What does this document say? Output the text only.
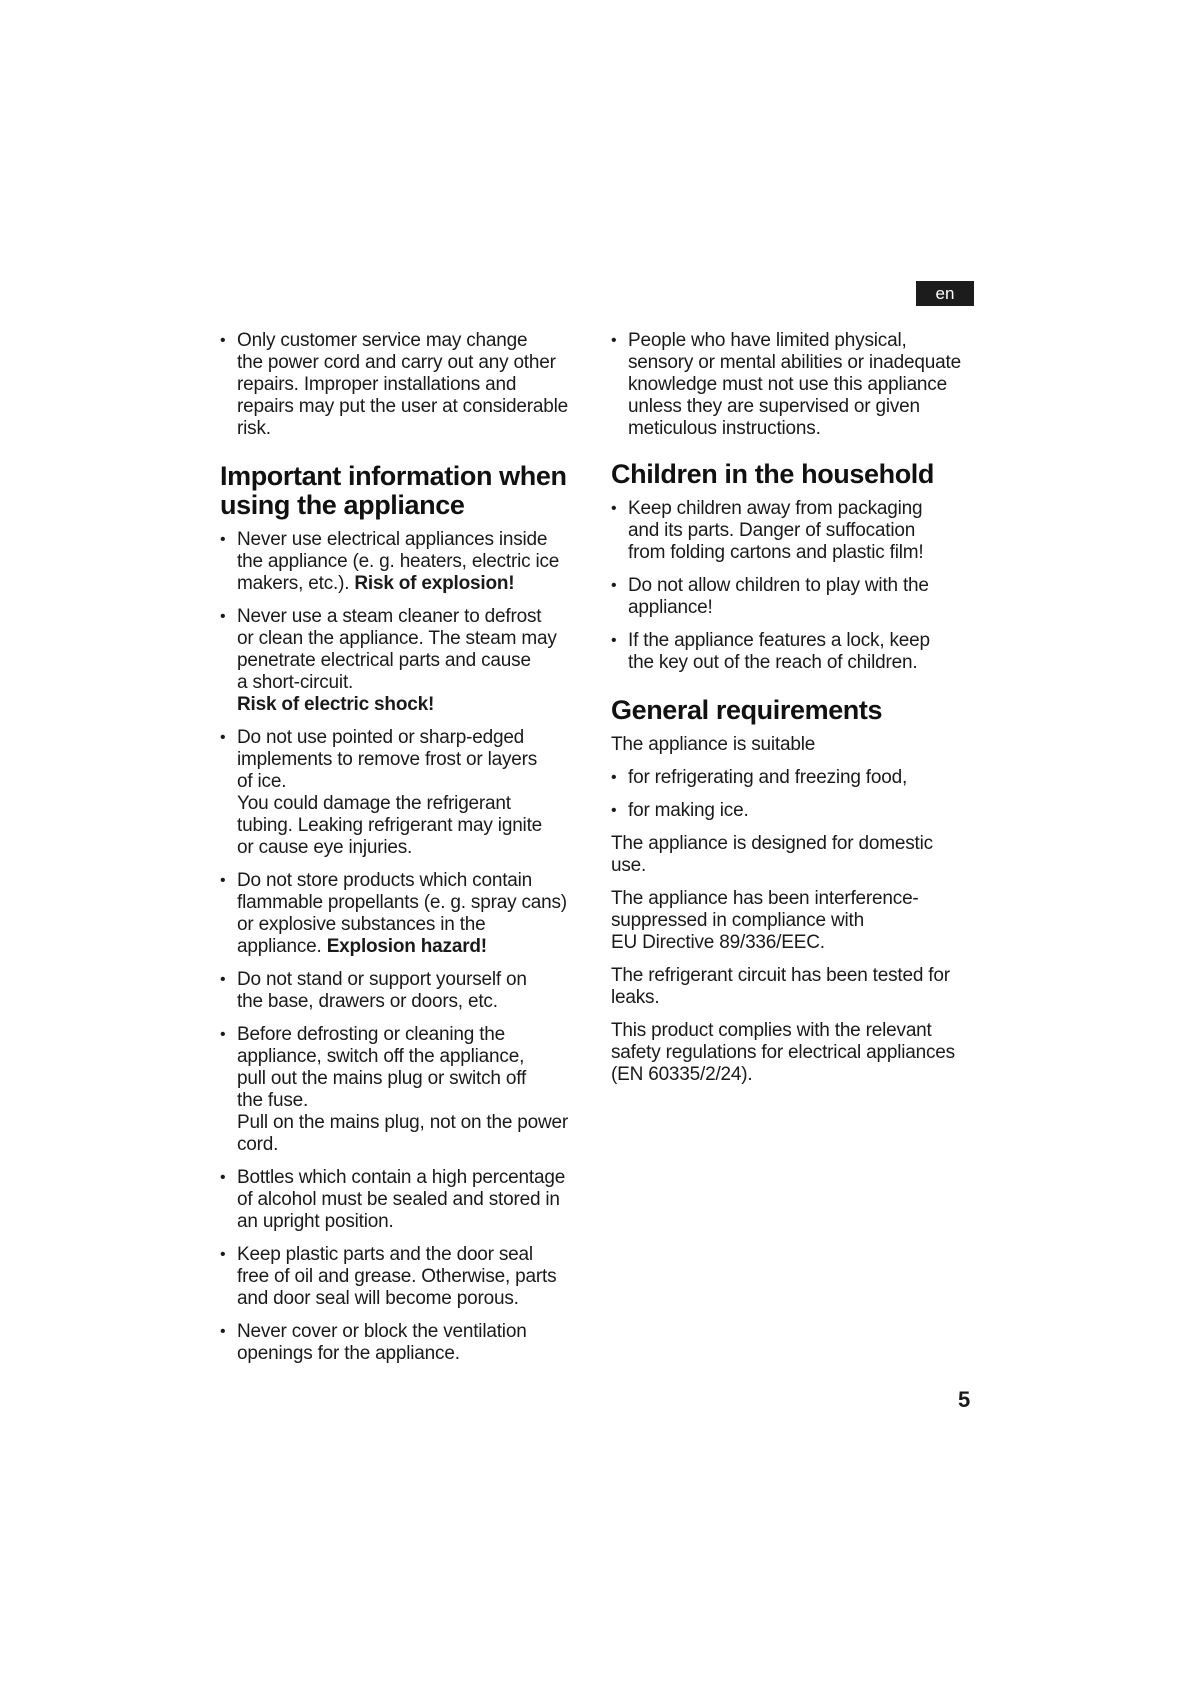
en
• Only customer service may change
the power cord and carry out any other
repairs. Improper installations and
repairs may put the user at considerable
risk.
Important information when
using the appliance
• Never use electrical appliances inside
the appliance (e. g. heaters, electric ice
makers, etc.). Risk of explosion!
• Never use a steam cleaner to defrost
or clean the appliance. The steam may
penetrate electrical parts and cause
a short-circuit.
Risk of electric shock!
• Do not use pointed or sharp-edged
implements to remove frost or layers
of ice.
You could damage the refrigerant
tubing. Leaking refrigerant may ignite
or cause eye injuries.
• Do not store products which contain
flammable propellants (e. g. spray cans)
or explosive substances in the
appliance. Explosion hazard!
• Do not stand or support yourself on
the base, drawers or doors, etc.
• Before defrosting or cleaning the
appliance, switch off the appliance,
pull out the mains plug or switch off
the fuse.
Pull on the mains plug, not on the power
cord.
• Bottles which contain a high percentage
of alcohol must be sealed and stored in
an upright position.
• Keep plastic parts and the door seal
free of oil and grease. Otherwise, parts
and door seal will become porous.
• Never cover or block the ventilation
openings for the appliance.
• People who have limited physical,
sensory or mental abilities or inadequate
knowledge must not use this appliance
unless they are supervised or given
meticulous instructions.
Children in the household
• Keep children away from packaging
and its parts. Danger of suffocation
from folding cartons and plastic film!
• Do not allow children to play with the
appliance!
• If the appliance features a lock, keep
the key out of the reach of children.
General requirements

The appliance is suitable

• for refrigerating and freezing food,
• for making ice.

The appliance is designed for domestic
use.

The appliance has been interference-
suppressed in compliance with
EU Directive 89/336/EEC.

The refrigerant circuit has been tested for
leaks.

This product complies with the relevant
safety regulations for electrical appliances
(EN 60335/2/24).

5
